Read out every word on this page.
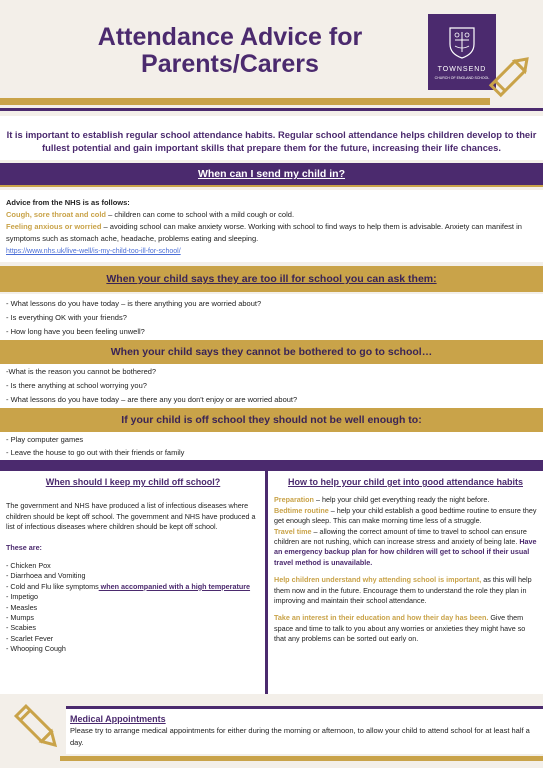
Attendance Advice for
Parents/Carers	TOWNSEND
CHURCH OF ENGLAND SCHOOL
It is important to establish regular school attendance habits. Regular school attendance helps children develop to their fullest potential and gain important skills that prepare them for the future, increasing their life chances.
When can I send my child in?

Advice from the NHS is as follows:

Cough, sore throat and cold – children can come to school with a mild cough or cold.

Feeling anxious or worried – avoiding school can make anxiety worse. Working with school to find ways to help them is advisable. Anxiety can manifest in symptoms such as stomach ache, headache, problems eating and sleeping.

https://www.nhs.uk/live-well/is-my-child-too-ill-for-school/

When your child says they are too ill for school you can ask them:

- What lessons do you have today – is there anything you are worried about?

- Is everything OK with your friends?

- How long have you been feeling unwell?

When your child says they cannot be bothered to go to school…

-What is the reason you cannot be bothered?

- Is there anything at school worrying you?

- What lessons do you have today – are there any you don't enjoy or are worried about?

If your child is off school they should not be well enough to:

- Play computer games

- Leave the house to go out with their friends or family

When should I keep my child off school?

The government and NHS have produced a list of infectious diseases where children should be kept off school. The government and NHS have produced a list of infectious diseases where children should be kept off school.

These are:

- Chicken Pox

- Diarrhoea and Vomiting

- Cold and Flu like symptoms when accompanied with a high temperature

- Impetigo

- Measles

- Mumps

- Scabies

- Scarlet Fever

- Whooping Cough

How to help your child get into good attendance habits

Preparation – help your child get everything ready the night before.

Bedtime routine – help your child establish a good bedtime routine to ensure they get enough sleep. This can make morning time less of a struggle.

Travel time – allowing the correct amount of time to travel to school can ensure children are not rushing, which can increase stress and anxiety of being late. Have an emergency backup plan for how children will get to school if their usual travel method is unavailable.

Help children understand why attending school is important, as this will help them now and in the future. Encourage them to understand the role they plan in improving and maintain their school attendance.

Take an interest in their education and how their day has been. Give them space and time to talk to you about any worries or anxieties they might have so that any problems can be sorted out early on.

Medical Appointments

Please try to arrange medical appointments for either during the morning or afternoon, to allow your child to attend school for at least half a day.
